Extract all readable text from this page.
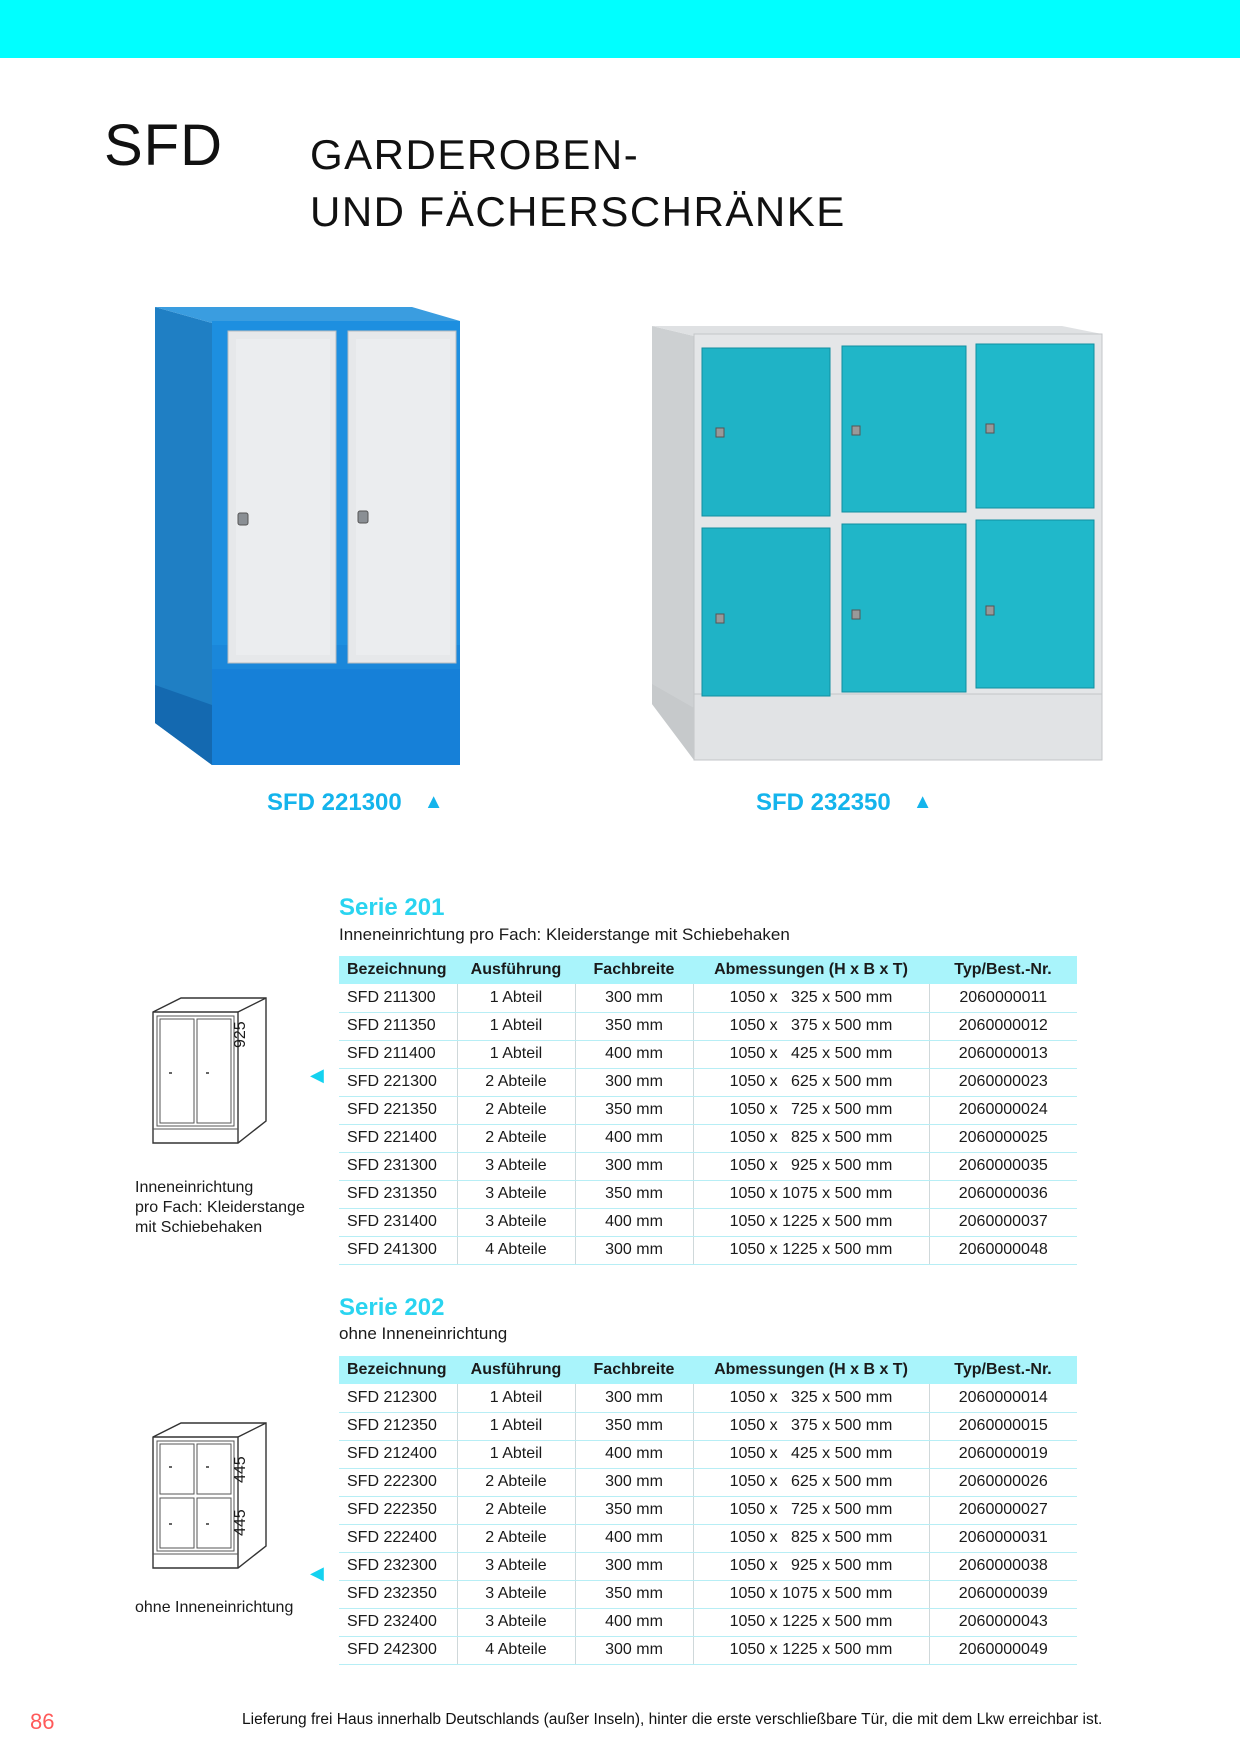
SFD GARDEROBEN-
UND FÄCHERSCHRÄNKE
SFD 221300 ▲	SFD 232350 ▲
Serie 201
Inneneinrichtung pro Fach: Kleiderstange mit Schiebehaken
925
◀
Inneneinrichtung
pro Fach: Kleiderstange
mit Schiebehaken
Bezeichnung	Ausführung	Fachbreite	Abmessungen (H x B x T)	Typ/Best.-Nr.
SFD 211300	1 Abteil	300 mm	1050 x   325 x 500 mm	2060000011
SFD 211350	1 Abteil	350 mm	1050 x   375 x 500 mm	2060000012
SFD 211400	1 Abteil	400 mm	1050 x   425 x 500 mm	2060000013
SFD 221300	2 Abteile	300 mm	1050 x   625 x 500 mm	2060000023
SFD 221350	2 Abteile	350 mm	1050 x   725 x 500 mm	2060000024
SFD 221400	2 Abteile	400 mm	1050 x   825 x 500 mm	2060000025
SFD 231300	3 Abteile	300 mm	1050 x   925 x 500 mm	2060000035
SFD 231350	3 Abteile	350 mm	1050 x 1075 x 500 mm	2060000036
SFD 231400	3 Abteile	400 mm	1050 x 1225 x 500 mm	2060000037
SFD 241300	4 Abteile	300 mm	1050 x 1225 x 500 mm	2060000048
Serie 202
ohne Inneneinrichtung
445
445
◀
ohne Inneneinrichtung
Bezeichnung	Ausführung	Fachbreite	Abmessungen (H x B x T)	Typ/Best.-Nr.
SFD 212300	1 Abteil	300 mm	1050 x   325 x 500 mm	2060000014
SFD 212350	1 Abteil	350 mm	1050 x   375 x 500 mm	2060000015
SFD 212400	1 Abteil	400 mm	1050 x   425 x 500 mm	2060000019
SFD 222300	2 Abteile	300 mm	1050 x   625 x 500 mm	2060000026
SFD 222350	2 Abteile	350 mm	1050 x   725 x 500 mm	2060000027
SFD 222400	2 Abteile	400 mm	1050 x   825 x 500 mm	2060000031
SFD 232300	3 Abteile	300 mm	1050 x   925 x 500 mm	2060000038
SFD 232350	3 Abteile	350 mm	1050 x 1075 x 500 mm	2060000039
SFD 232400	3 Abteile	400 mm	1050 x 1225 x 500 mm	2060000043
SFD 242300	4 Abteile	300 mm	1050 x 1225 x 500 mm	2060000049
86	Lieferung frei Haus innerhalb Deutschlands (außer Inseln), hinter die erste verschließbare Tür, die mit dem Lkw erreichbar ist.
